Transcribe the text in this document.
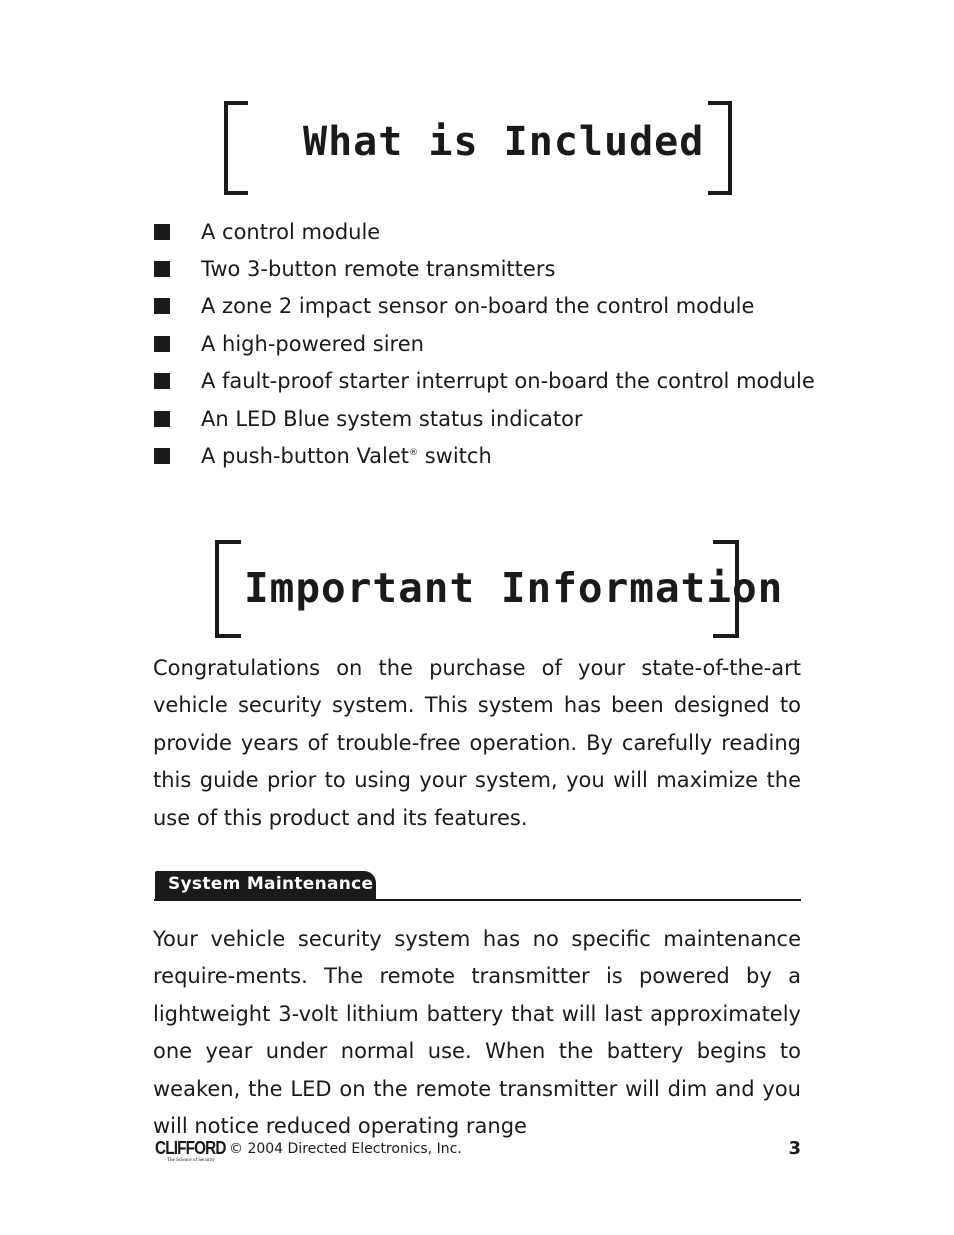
What is Included
A control module
Two 3-button remote transmitters
A zone 2 impact sensor on-board the control module
A high-powered siren
A fault-proof starter interrupt on-board the control module
An LED Blue system status indicator
A push-button Valet® switch
Important Information

Congratulations on the purchase of your state-of-the-art vehicle security system. This system has been designed to provide years of trouble-free operation. By carefully reading this guide prior to using your system, you will maximize the use of this product and its features.

System Maintenance

Your vehicle security system has no specific maintenance require-ments. The remote transmitter is powered by a lightweight 3-volt lithium battery that will last approximately one year under normal use. When the battery begins to weaken, the LED on the remote transmitter will dim and you will notice reduced operating range

CLIFFORD
The Science of Security
© 2004 Directed Electronics, Inc.	3
